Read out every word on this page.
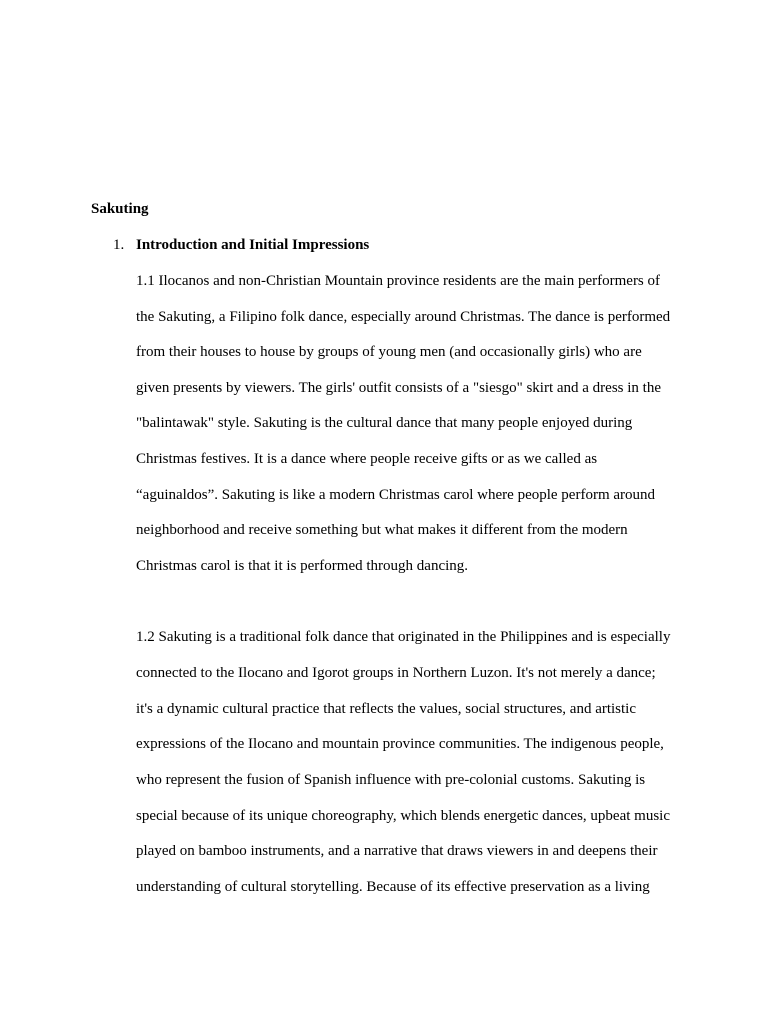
Sakuting
1. Introduction and Initial Impressions

1.1 Ilocanos and non-Christian Mountain province residents are the main performers of

the Sakuting, a Filipino folk dance, especially around Christmas. The dance is performed

from their houses to house by groups of young men (and occasionally girls) who are

given presents by viewers. The girls' outfit consists of a "siesgo" skirt and a dress in the

"balintawak" style. Sakuting is the cultural dance that many people enjoyed during

Christmas festives. It is a dance where people receive gifts or as we called as

“aguinaldos”. Sakuting is like a modern Christmas carol where people perform around

neighborhood and receive something but what makes it different from the modern

Christmas carol is that it is performed through dancing.

1.2 Sakuting is a traditional folk dance that originated in the Philippines and is especially

connected to the Ilocano and Igorot groups in Northern Luzon. It's not merely a dance;

it's a dynamic cultural practice that reflects the values, social structures, and artistic

expressions of the Ilocano and mountain province communities. The indigenous people,

who represent the fusion of Spanish influence with pre-colonial customs. Sakuting is

special because of its unique choreography, which blends energetic dances, upbeat music

played on bamboo instruments, and a narrative that draws viewers in and deepens their

understanding of cultural storytelling. Because of its effective preservation as a living
